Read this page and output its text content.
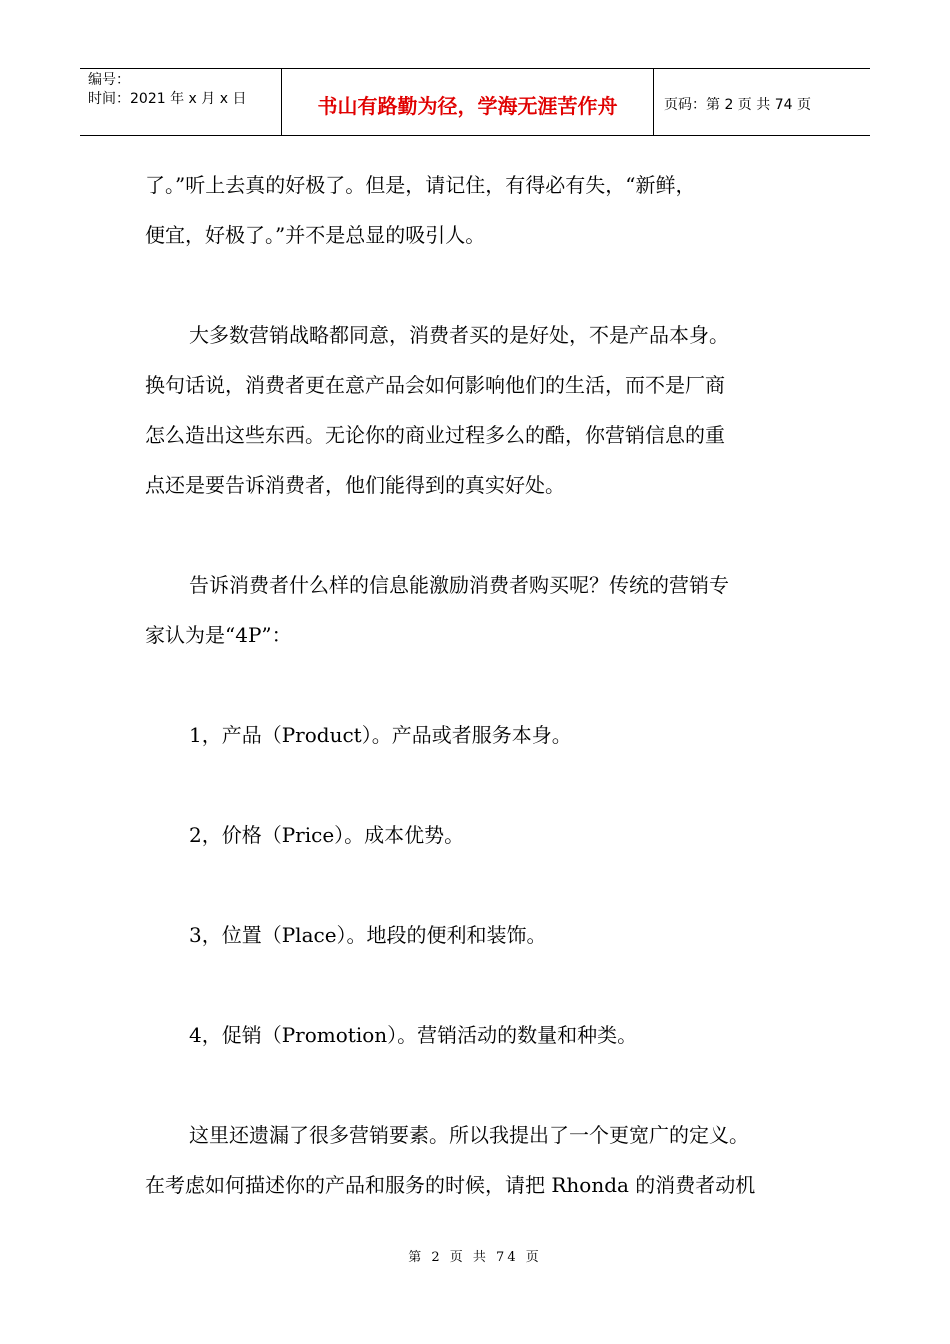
编号：
时间：2021 年 x 月 x 日	书山有路勤为径，学海无涯苦作舟	页码：第 2 页 共 74 页

了。”听上去真的好极了。但是，请记住，有得必有失，“新鲜，

便宜，好极了。”并不是总显的吸引人。

大多数营销战略都同意，消费者买的是好处，不是产品本身。

换句话说，消费者更在意产品会如何影响他们的生活，而不是厂商

怎么造出这些东西。无论你的商业过程多么的酷，你营销信息的重

点还是要告诉消费者，他们能得到的真实好处。

告诉消费者什么样的信息能激励消费者购买呢？传统的营销专

家认为是“4P”：

1，产品（Product）。产品或者服务本身。

2，价格（Price）。成本优势。

3，位置（Place）。地段的便利和装饰。

4，促销（Promotion）。营销活动的数量和种类。

这里还遗漏了很多营销要素。所以我提出了一个更宽广的定义。

在考虑如何描述你的产品和服务的时候，请把 Rhonda 的消费者动机

第 2 页 共 74 页
